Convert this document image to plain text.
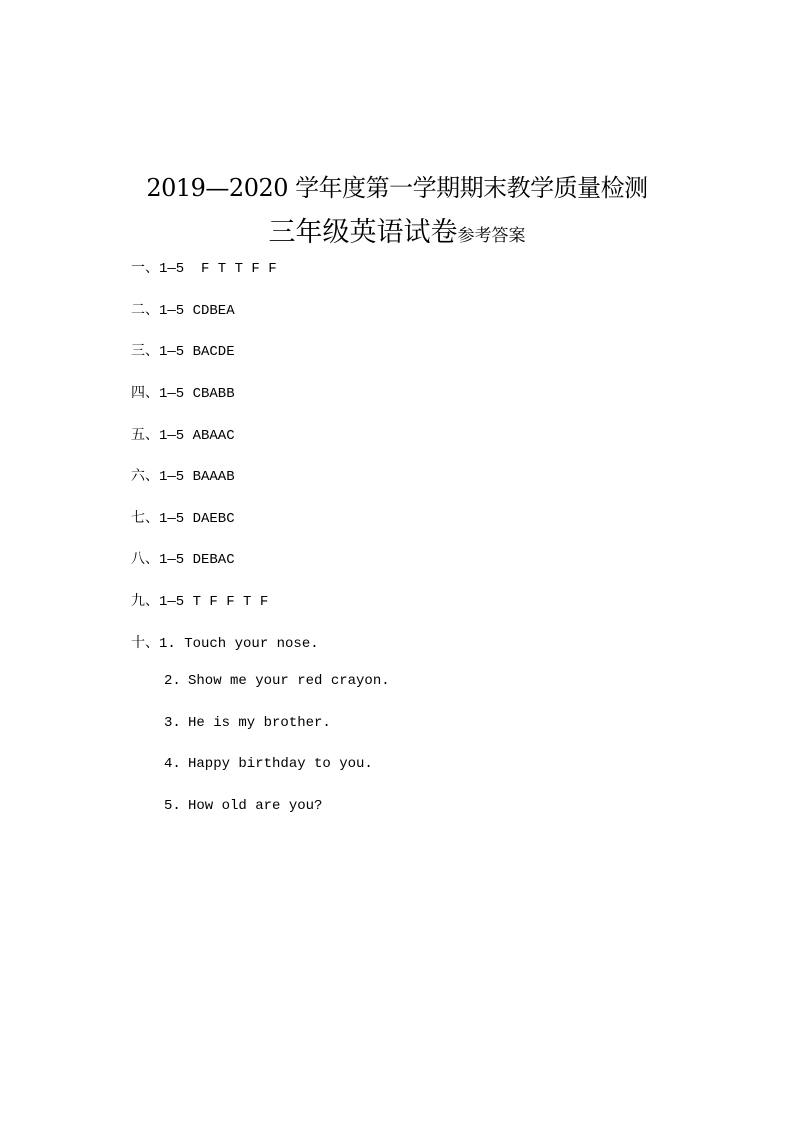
2019—2020 学年度第一学期期末教学质量检测
三年级英语试卷参考答案
一、1—5  F T T F F
二、1—5 CDBEA
三、1—5 BACDE
四、1—5 CBABB
五、1—5 ABAAC
六、1—5 BAAAB
七、1—5 DAEBC
八、1—5 DEBAC
九、1—5 T F F T F
十、1. Touch your nose.
2. Show me your red crayon.
3. He is my brother.
4. Happy birthday to you.
5. How old are you?
